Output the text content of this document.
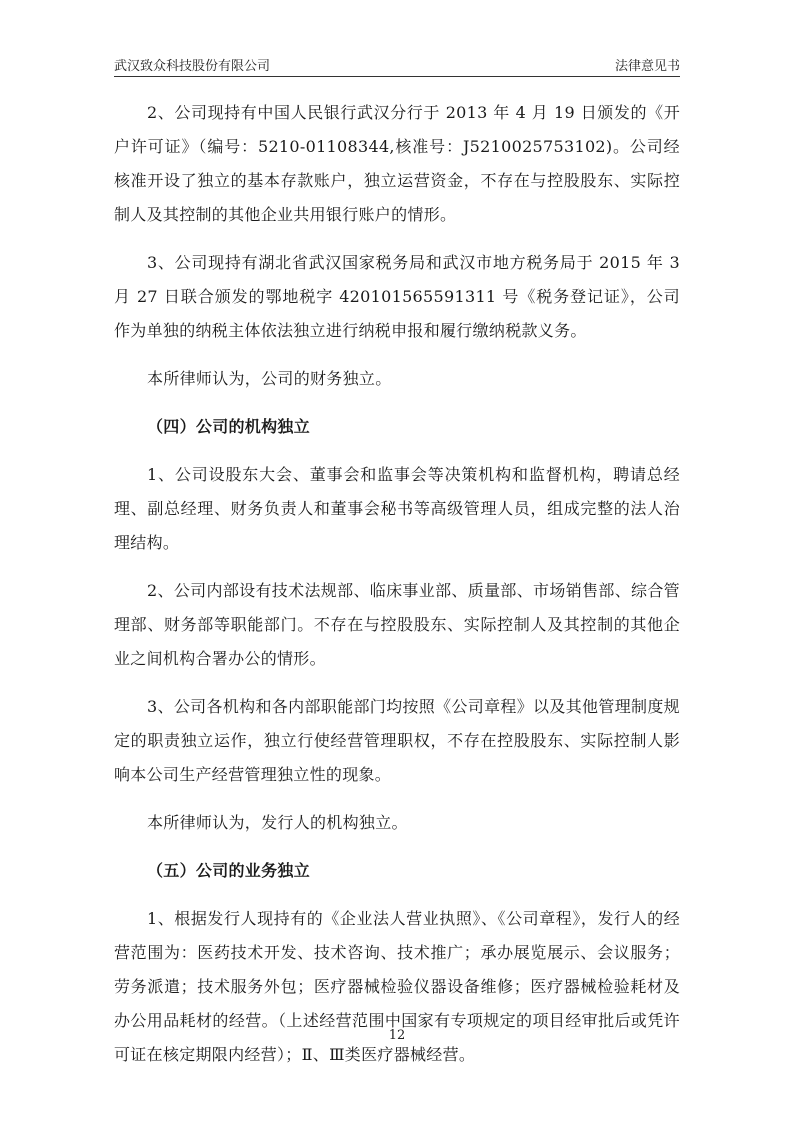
武汉致众科技股份有限公司	法律意见书

2、公司现持有中国人民银行武汉分行于 2013 年 4 月 19 日颁发的《开户许可证》（编号：5210-01108344,核准号：J5210025753102)。公司经核准开设了独立的基本存款账户，独立运营资金，不存在与控股股东、实际控制人及其控制的其他企业共用银行账户的情形。

3、公司现持有湖北省武汉国家税务局和武汉市地方税务局于 2015 年 3 月 27 日联合颁发的鄂地税字 420101565591311 号《税务登记证》，公司作为单独的纳税主体依法独立进行纳税申报和履行缴纳税款义务。

本所律师认为，公司的财务独立。

（四）公司的机构独立

1、公司设股东大会、董事会和监事会等决策机构和监督机构，聘请总经理、副总经理、财务负责人和董事会秘书等高级管理人员，组成完整的法人治理结构。

2、公司内部设有技术法规部、临床事业部、质量部、市场销售部、综合管理部、财务部等职能部门。不存在与控股股东、实际控制人及其控制的其他企业之间机构合署办公的情形。

3、公司各机构和各内部职能部门均按照《公司章程》以及其他管理制度规定的职责独立运作，独立行使经营管理职权，不存在控股股东、实际控制人影响本公司生产经营管理独立性的现象。

本所律师认为，发行人的机构独立。

（五）公司的业务独立

1、根据发行人现持有的《企业法人营业执照》、《公司章程》，发行人的经营范围为：医药技术开发、技术咨询、技术推广；承办展览展示、会议服务；劳务派遣；技术服务外包；医疗器械检验仪器设备维修；医疗器械检验耗材及办公用品耗材的经营。（上述经营范围中国家有专项规定的项目经审批后或凭许可证在核定期限内经营）；Ⅱ、Ⅲ类医疗器械经营。

12
